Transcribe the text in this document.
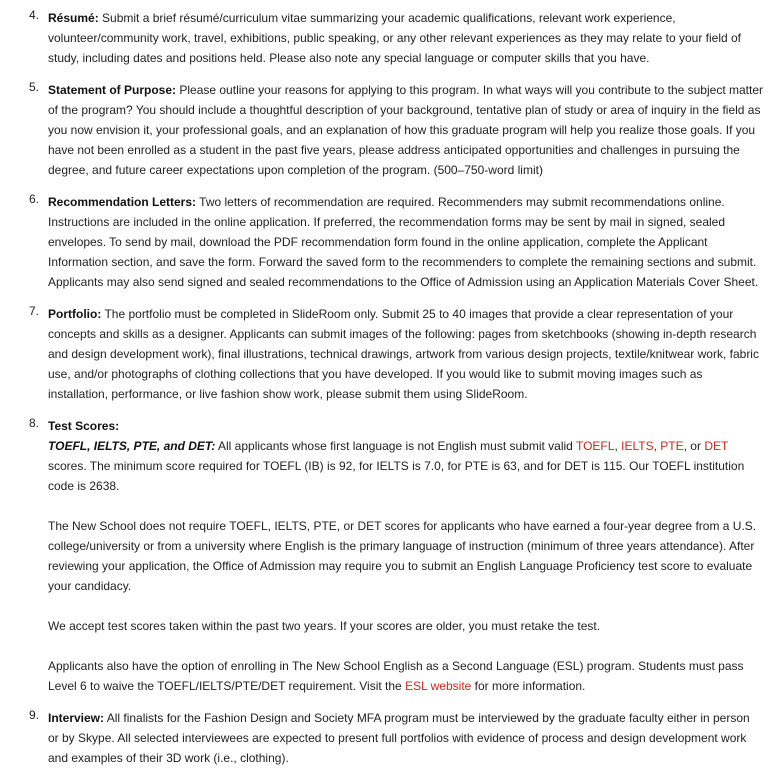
4. Résumé: Submit a brief résumé/curriculum vitae summarizing your academic qualifications, relevant work experience, volunteer/community work, travel, exhibitions, public speaking, or any other relevant experiences as they may relate to your field of study, including dates and positions held. Please also note any special language or computer skills that you have.

5. Statement of Purpose: Please outline your reasons for applying to this program. In what ways will you contribute to the subject matter of the program? You should include a thoughtful description of your background, tentative plan of study or area of inquiry in the field as you now envision it, your professional goals, and an explanation of how this graduate program will help you realize those goals. If you have not been enrolled as a student in the past five years, please address anticipated opportunities and challenges in pursuing the degree, and future career expectations upon completion of the program. (500–750-word limit)

6. Recommendation Letters: Two letters of recommendation are required. Recommenders may submit recommendations online. Instructions are included in the online application. If preferred, the recommendation forms may be sent by mail in signed, sealed envelopes. To send by mail, download the PDF recommendation form found in the online application, complete the Applicant Information section, and save the form. Forward the saved form to the recommenders to complete the remaining sections and submit. Applicants may also send signed and sealed recommendations to the Office of Admission using an Application Materials Cover Sheet.

7. Portfolio: The portfolio must be completed in SlideRoom only. Submit 25 to 40 images that provide a clear representation of your concepts and skills as a designer. Applicants can submit images of the following: pages from sketchbooks (showing in-depth research and design development work), final illustrations, technical drawings, artwork from various design projects, textile/knitwear work, fabric use, and/or photographs of clothing collections that you have developed. If you would like to submit moving images such as installation, performance, or live fashion show work, please submit them using SlideRoom.

8. Test Scores:

TOEFL, IELTS, PTE, and DET: All applicants whose first language is not English must submit valid TOEFL, IELTS, PTE, or DET scores. The minimum score required for TOEFL (IB) is 92, for IELTS is 7.0, for PTE is 63, and for DET is 115. Our TOEFL institution code is 2638.

The New School does not require TOEFL, IELTS, PTE, or DET scores for applicants who have earned a four-year degree from a U.S. college/university or from a university where English is the primary language of instruction (minimum of three years attendance). After reviewing your application, the Office of Admission may require you to submit an English Language Proficiency test score to evaluate your candidacy.

We accept test scores taken within the past two years. If your scores are older, you must retake the test.

Applicants also have the option of enrolling in The New School English as a Second Language (ESL) program. Students must pass Level 6 to waive the TOEFL/IELTS/PTE/DET requirement. Visit the ESL website for more information.

9. Interview: All finalists for the Fashion Design and Society MFA program must be interviewed by the graduate faculty either in person or by Skype. All selected interviewees are expected to present full portfolios with evidence of process and design development work and examples of their 3D work (i.e., clothing).
